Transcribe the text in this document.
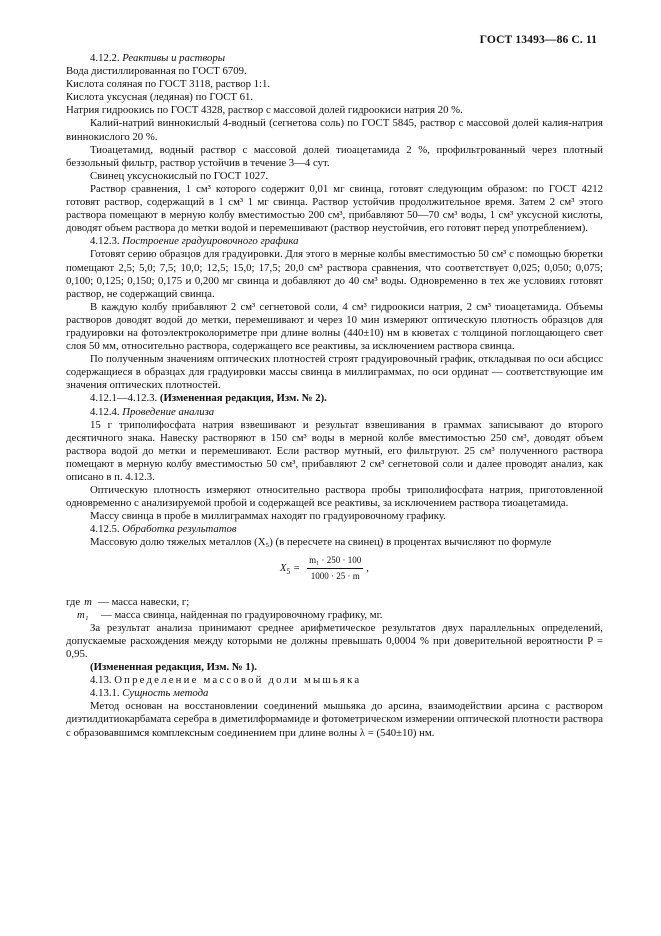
ГОСТ 13493—86 С. 11

4.12.2. Реактивы и растворы

Вода дистиллированная по ГОСТ 6709.

Кислота соляная по ГОСТ 3118, раствор 1:1.

Кислота уксусная (ледяная) по ГОСТ 61.

Натрия гидроокись по ГОСТ 4328, раствор с массовой долей гидроокиси натрия 20 %.

Калий-натрий виннокислый 4-водный (сегнетова соль) по ГОСТ 5845, раствор с массовой долей калия-натрия виннокислого 20 %.

Тиоацетамид, водный раствор с массовой долей тиоацетамида 2 %, профильтрованный через плотный беззольный фильтр, раствор устойчив в течение 3—4 сут.

Свинец уксуснокислый по ГОСТ 1027.

Раствор сравнения, 1 см³ которого содержит 0,01 мг свинца, готовят следующим образом: по ГОСТ 4212 готовят раствор, содержащий в 1 см³ 1 мг свинца. Раствор устойчив продолжительное время. Затем 2 см³ этого раствора помещают в мерную колбу вместимостью 200 см³, прибавляют 50—70 см³ воды, 1 см³ уксусной кислоты, доводят объем раствора до метки водой и перемешивают (раствор неустойчив, его готовят перед употреблением).

4.12.3. Построение градуировочного графика

Готовят серию образцов для градуировки. Для этого в мерные колбы вместимостью 50 см³ с помощью бюретки помещают 2,5; 5,0; 7,5; 10,0; 12,5; 15,0; 17,5; 20,0 см³ раствора сравнения, что соответствует 0,025; 0,050; 0,075; 0,100; 0,125; 0,150; 0,175 и 0,200 мг свинца и добавляют до 40 см³ воды. Одновременно в тех же условиях готовят раствор, не содержащий свинца.

В каждую колбу прибавляют 2 см³ сегнетовой соли, 4 см³ гидроокиси натрия, 2 см³ тиоацетамида. Объемы растворов доводят водой до метки, перемешивают и через 10 мин измеряют оптическую плотность образцов для градуировки на фотоэлектроколориметре при длине волны (440±10) нм в кюветах с толщиной поглощающего свет слоя 50 мм, относительно раствора, содержащего все реактивы, за исключением раствора свинца.

По полученным значениям оптических плотностей строят градуировочный график, откладывая по оси абсцисс содержащиеся в образцах для градуировки массы свинца в миллиграммах, по оси ординат — соответствующие им значения оптических плотностей.

4.12.1—4.12.3. (Измененная редакция, Изм. № 2).

4.12.4. Проведение анализа

15 г триполифосфата натрия взвешивают и результат взвешивания в граммах записывают до второго десятичного знака. Навеску растворяют в 150 см³ воды в мерной колбе вместимостью 250 см³, доводят объем раствора водой до метки и перемешивают. Если раствор мутный, его фильтруют. 25 см³ полученного раствора помещают в мерную колбу вместимостью 50 см³, прибавляют 2 см³ сегнетовой соли и далее проводят анализ, как описано в п. 4.12.3.

Оптическую плотность измеряют относительно раствора пробы триполифосфата натрия, приготовленной одновременно с анализируемой пробой и содержащей все реактивы, за исключением раствора тиоацетамида.

Массу свинца в пробе в миллиграммах находят по градуировочному графику.

4.12.5. Обработка результатов

Массовую долю тяжелых металлов (X₅) (в пересчете на свинец) в процентах вычисляют по формуле

$X_5 = \frac{\text{m₁ · 250 · 100}}{1000 \cdot 25 \cdot m}$ ,
где m — масса навески, г;
m₁	— масса свинца, найденная по градуировочному графику, мг.

За результат анализа принимают среднее арифметическое результатов двух параллельных определений, допускаемые расхождения между которыми не должны превышать 0,0004 % при доверительной вероятности P = 0,95.

(Измененная редакция, Изм. № 1).

4.13. Определение массовой доли мышьяка

4.13.1. Сущность метода

Метод основан на восстановлении соединений мышьяка до арсина, взаимодействии арсина с раствором диэтилдитиокарбамата серебра в диметилформамиде и фотометрическом измерении оптической плотности раствора с образовавшимся комплексным соединением при длине волны λ = (540±10) нм.
